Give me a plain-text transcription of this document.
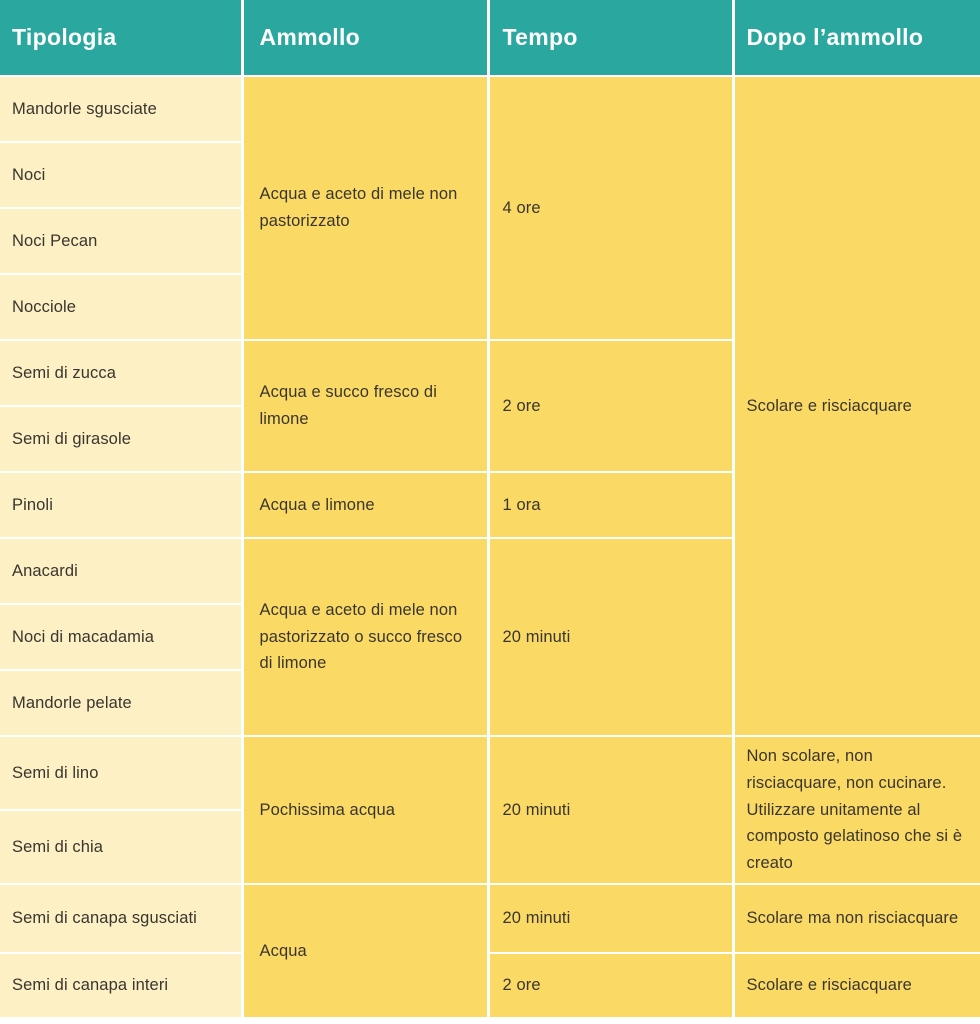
Tipologia	Ammollo	Tempo	Dopo l’ammollo
Mandorle sgusciate	Acqua e aceto di mele non pastorizzato	4 ore	Scolare e risciacquare
Noci			
Noci Pecan			
Nocciole			
Semi di zucca	Acqua e succo fresco di limone	2 ore	
Semi di girasole			
Pinoli	Acqua e limone	1 ora	
Anacardi	Acqua e aceto di mele non pastorizzato o succo fresco di limone	20 minuti	
Noci di macadamia			
Mandorle pelate			
Semi di lino	Pochissima acqua	20 minuti	Non scolare, non risciacquare, non cucinare. Utilizzare unitamente al composto gelatinoso che si è creato
Semi di chia			
Semi di canapa sgusciati	Acqua	20 minuti	Scolare ma non risciacquare
Semi di canapa interi		2 ore	Scolare e risciacquare
